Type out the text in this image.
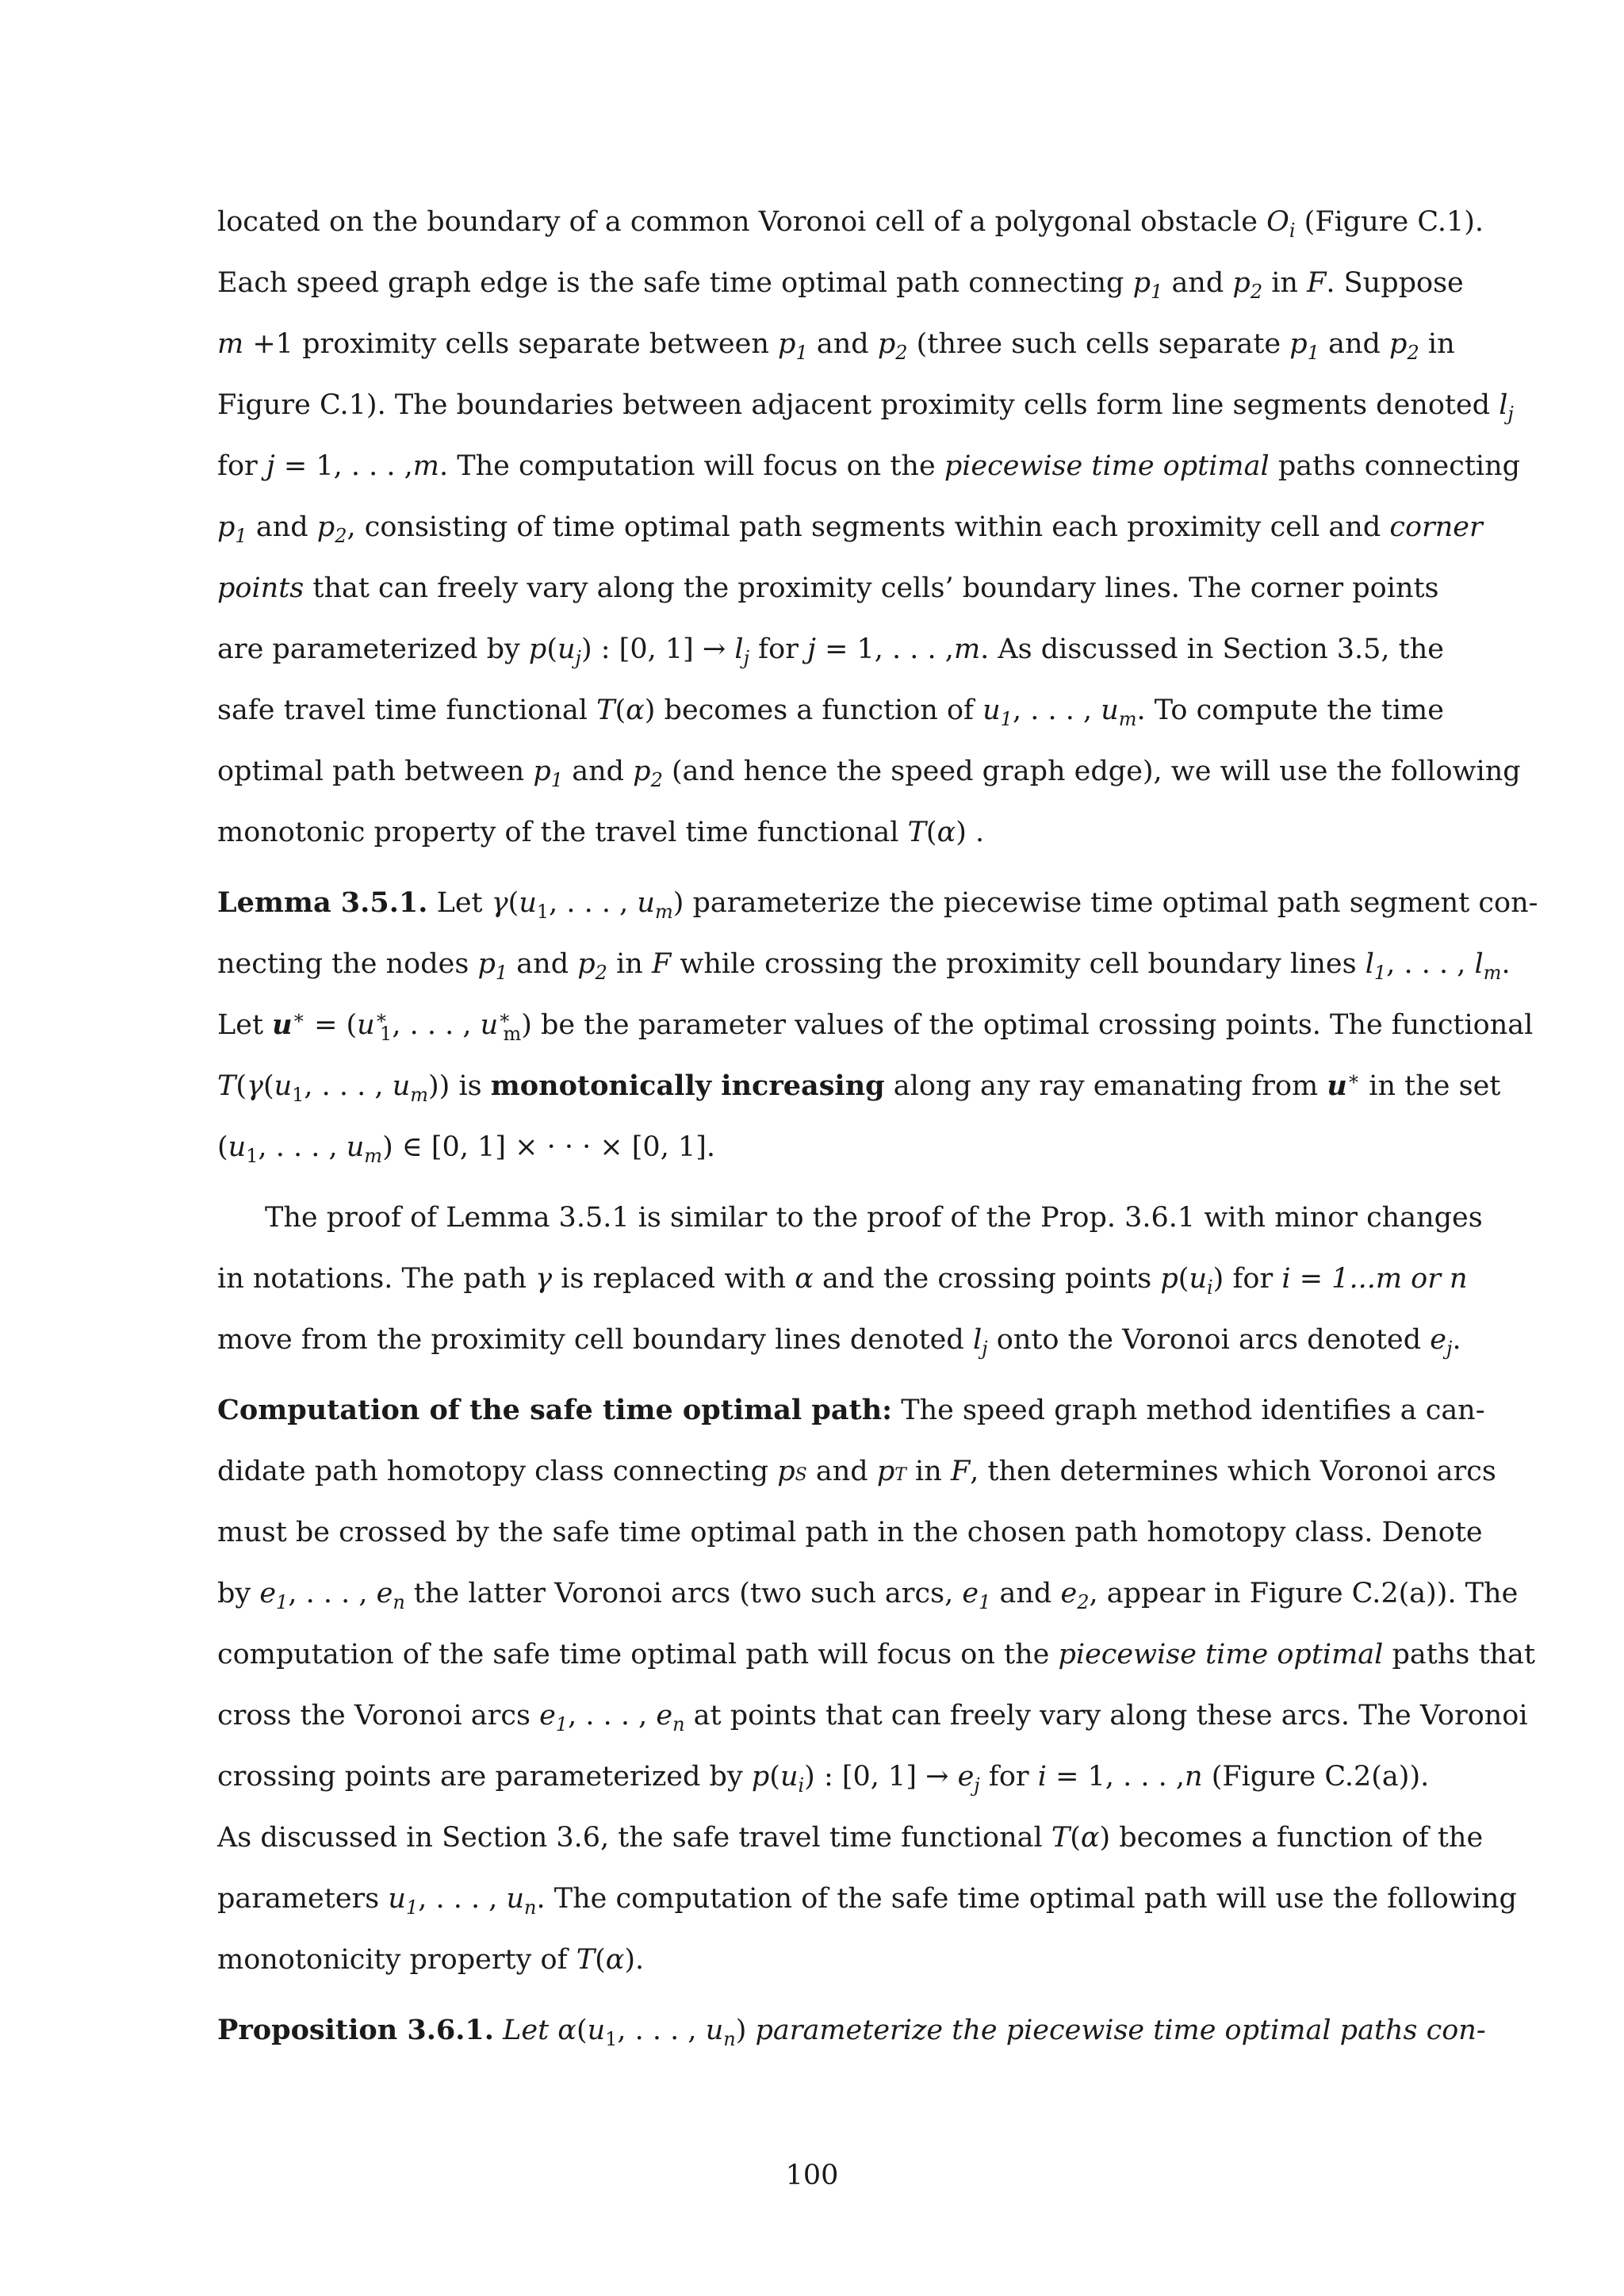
located on the boundary of a common Voronoi cell of a polygonal obstacle $O_i$ (Figure C.1).
Each speed graph edge is the safe time optimal path connecting $p_1$ and $p_2$ in F. Suppose
m +1 proximity cells separate between $p_1$ and $p_2$ (three such cells separate $p_1$ and $p_2$ in
Figure C.1). The boundaries between adjacent proximity cells form line segments denoted $l_j$
for j = 1, . . . ,m. The computation will focus on the piecewise time optimal paths connecting
$p_1$ and $p_2$, consisting of time optimal path segments within each proximity cell and corner
points that can freely vary along the proximity cells’ boundary lines. The corner points
are parameterized by $p(u_j)$ : [0, $1] \to l_j$ for j = 1, . . . ,m. As discussed in Section 3.5, the
safe travel time functional T(α) becomes a function of $u_1$, . . . , $u_m$. To compute the time
optimal path between $p_1$ and $p_2$ (and hence the speed graph edge), we will use the following
monotonic property of the travel time functional T(α) .
Lemma 3.5.1. Let $\gamma(u_1$, . . . , $u_m$) parameterize the piecewise time optimal path segment con-
necting the nodes $p_1$ and $p_2$ in F while crossing the proximity cell boundary lines $l_1$, . . . , $l_m$.
Let $u^∗ = (u^∗_1$, . . . , $u^∗_m$) be the parameter values of the optimal crossing points. The functional
$T(\gamma(u_1$, . . . , $u_m$)) is monotonically increasing along any ray emanating from u∗ in the set
($u_1$, . . . , $u_m$) ∈ [0, 1] × · · · × [0, 1].
The proof of Lemma 3.5.1 is similar to the proof of the Prop. 3.6.1 with minor changes
in notations. The path γ is replaced with α and the crossing points $p(u_i)$ for i = 1...m or n
move from the proximity cell boundary lines denoted $l_j$ onto the Voronoi arcs denoted $e_j$.
Computation of the safe time optimal path: The speed graph method identifies a can-
didate path homotopy class connecting pS and pT in F, then determines which Voronoi arcs
must be crossed by the safe time optimal path in the chosen path homotopy class. Denote
by $e_1$, . . . , $e_n$ the latter Voronoi arcs (two such arcs, $e_1$ and $e_2$, appear in Figure C.2(a)). The
computation of the safe time optimal path will focus on the piecewise time optimal paths that
cross the Voronoi arcs $e_1$, . . . , $e_n$ at points that can freely vary along these arcs. The Voronoi
crossing points are parameterized by $p(u_i)$ : [0, $1] \to e_j$ for i = 1, . . . ,n (Figure C.2(a)).
As discussed in Section 3.6, the safe travel time functional T(α) becomes a function of the
parameters $u_1$, . . . , $u_n$. The computation of the safe time optimal path will use the following
monotonicity property of T(α).
Proposition 3.6.1. Let $\alpha(u_1$, . . . , $u_n$) parameterize the piecewise time optimal paths con-
100
